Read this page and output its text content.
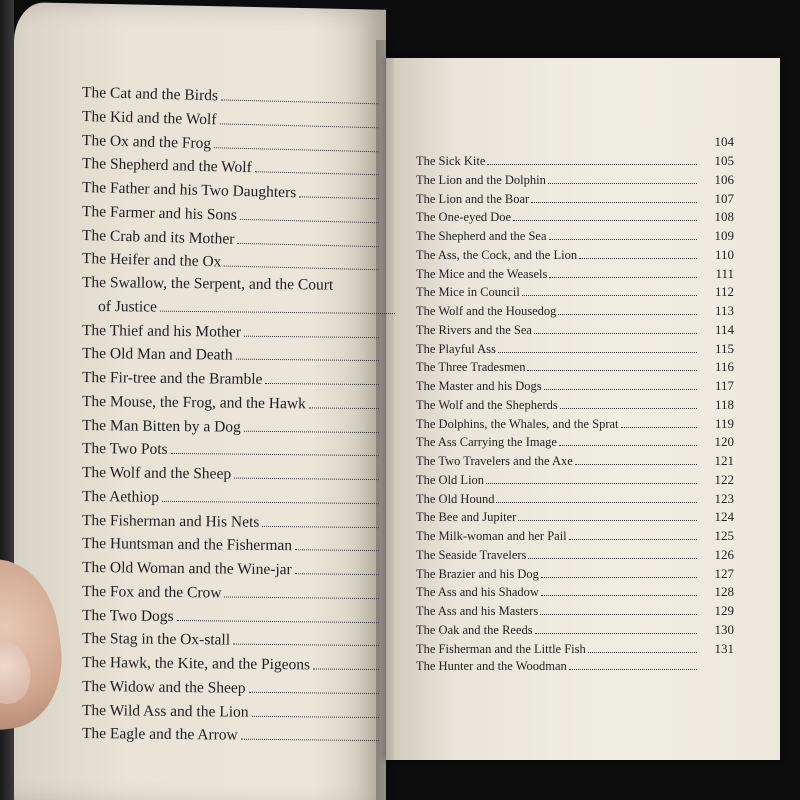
The Cat and the Birds
The Kid and the Wolf
The Ox and the Frog
The Shepherd and the Wolf
The Father and his Two Daughters
The Farmer and his Sons
The Crab and its Mother
The Heifer and the Ox
The Swallow, the Serpent, and the Court
of Justice
The Thief and his Mother
The Old Man and Death
The Fir-tree and the Bramble
The Mouse, the Frog, and the Hawk
The Man Bitten by a Dog
The Two Pots
The Wolf and the Sheep
The Aethiop
The Fisherman and His Nets
The Huntsman and the Fisherman
The Old Woman and the Wine-jar
The Fox and the Crow
The Two Dogs
The Stag in the Ox-stall
The Hawk, the Kite, and the Pigeons
The Widow and the Sheep
The Wild Ass and the Lion
The Eagle and the Arrow
104
The Sick Kite	105
The Lion and the Dolphin	106
The Lion and the Boar	107
The One-eyed Doe	108
The Shepherd and the Sea	109
The Ass, the Cock, and the Lion	110
The Mice and the Weasels	111
The Mice in Council	112
The Wolf and the Housedog	113
The Rivers and the Sea	114
The Playful Ass	115
The Three Tradesmen	116
The Master and his Dogs	117
The Wolf and the Shepherds	118
The Dolphins, the Whales, and the Sprat	119
The Ass Carrying the Image	120
The Two Travelers and the Axe	121
The Old Lion	122
The Old Hound	123
The Bee and Jupiter	124
The Milk-woman and her Pail	125
The Seaside Travelers	126
The Brazier and his Dog	127
The Ass and his Shadow	128
The Ass and his Masters	129
The Oak and the Reeds	130
The Fisherman and the Little Fish	131
The Hunter and the Woodman
